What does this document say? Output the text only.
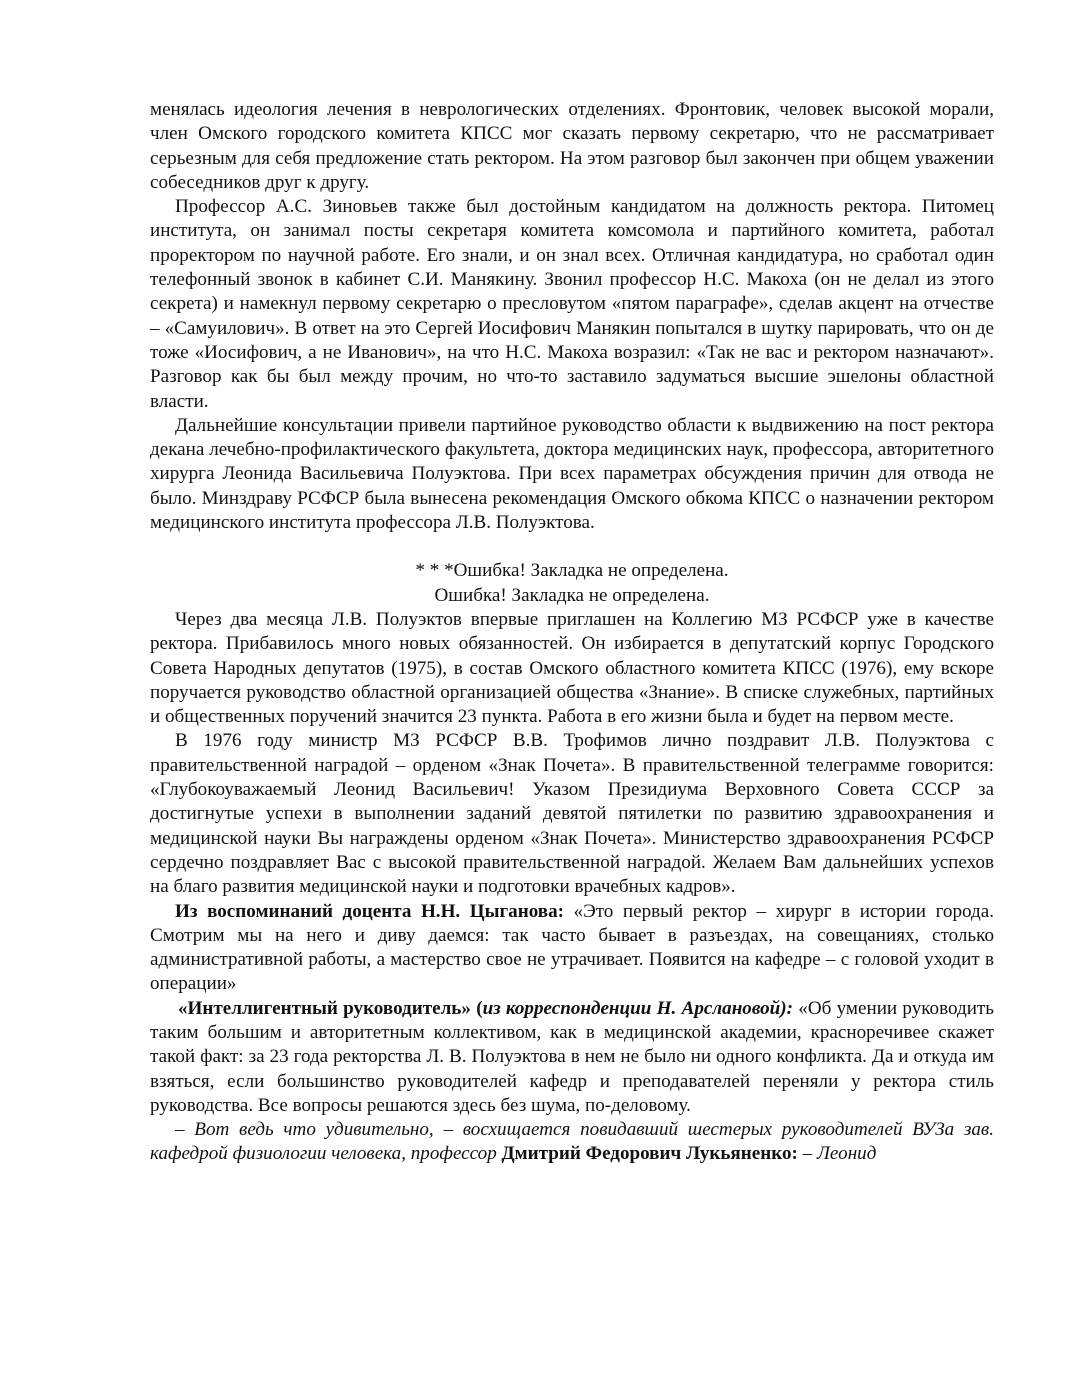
менялась идеология лечения в неврологических отделениях. Фронтовик, человек высокой морали, член Омского городского комитета КПСС мог сказать первому секретарю, что не рассматривает серьезным для себя предложение стать ректором. На этом разговор был закончен при общем уважении собеседников друг к другу.

Профессор А.С. Зиновьев также был достойным кандидатом на должность ректора. Питомец института, он занимал посты секретаря комитета комсомола и партийного комитета, работал проректором по научной работе. Его знали, и он знал всех. Отличная кандидатура, но сработал один телефонный звонок в кабинет С.И. Манякину. Звонил профессор Н.С. Макоха (он не делал из этого секрета) и намекнул первому секретарю о пресловутом «пятом параграфе», сделав акцент на отчестве – «Самуилович». В ответ на это Сергей Иосифович Манякин попытался в шутку парировать, что он де тоже «Иосифович, а не Иванович», на что Н.С. Макоха возразил: «Так не вас и ректором назначают». Разговор как бы был между прочим, но что-то заставило задуматься высшие эшелоны областной власти.

Дальнейшие консультации привели партийное руководство области к выдвижению на пост ректора декана лечебно-профилактического факультета, доктора медицинских наук, профессора, авторитетного хирурга Леонида Васильевича Полуэктова. При всех параметрах обсуждения причин для отвода не было. Минздраву РСФСР была вынесена рекомендация Омского обкома КПСС о назначении ректором медицинского института профессора Л.В. Полуэктова.

* * *Ошибка! Закладка не определена.

Ошибка! Закладка не определена.

Через два месяца Л.В. Полуэктов впервые приглашен на Коллегию МЗ РСФСР уже в качестве ректора. Прибавилось много новых обязанностей. Он избирается в депутатский корпус Городского Совета Народных депутатов (1975), в состав Омского областного комитета КПСС (1976), ему вскоре поручается руководство областной организацией общества «Знание». В списке служебных, партийных и общественных поручений значится 23 пункта. Работа в его жизни была и будет на первом месте.

В 1976 году министр МЗ РСФСР В.В. Трофимов лично поздравит Л.В. Полуэктова с правительственной наградой – орденом «Знак Почета». В правительственной телеграмме говорится: «Глубокоуважаемый Леонид Васильевич! Указом Президиума Верховного Совета СССР за достигнутые успехи в выполнении заданий девятой пятилетки по развитию здравоохранения и медицинской науки Вы награждены орденом «Знак Почета». Министерство здравоохранения РСФСР сердечно поздравляет Вас с высокой правительственной наградой. Желаем Вам дальнейших успехов на благо развития медицинской науки и подготовки врачебных кадров».

Из воспоминаний доцента Н.Н. Цыганова: «Это первый ректор – хирург в истории города. Смотрим мы на него и диву даемся: так часто бывает в разъездах, на совещаниях, столько административной работы, а мастерство свое не утрачивает. Появится на кафедре – с головой уходит в операции»

«Интеллигентный руководитель» (из корреспонденции Н. Арслановой): «Об умении руководить таким большим и авторитетным коллективом, как в медицинской академии, красноречивее скажет такой факт: за 23 года ректорства Л. В. Полуэктова в нем не было ни одного конфликта. Да и откуда им взяться, если большинство руководителей кафедр и преподавателей переняли у ректора стиль руководства. Все вопросы решаются здесь без шума, по-деловому.

– Вот ведь что удивительно, – восхищается повидавший шестерых руководителей ВУЗа зав. кафедрой физиологии человека, профессор Дмитрий Федорович Лукьяненко: – Леонид
